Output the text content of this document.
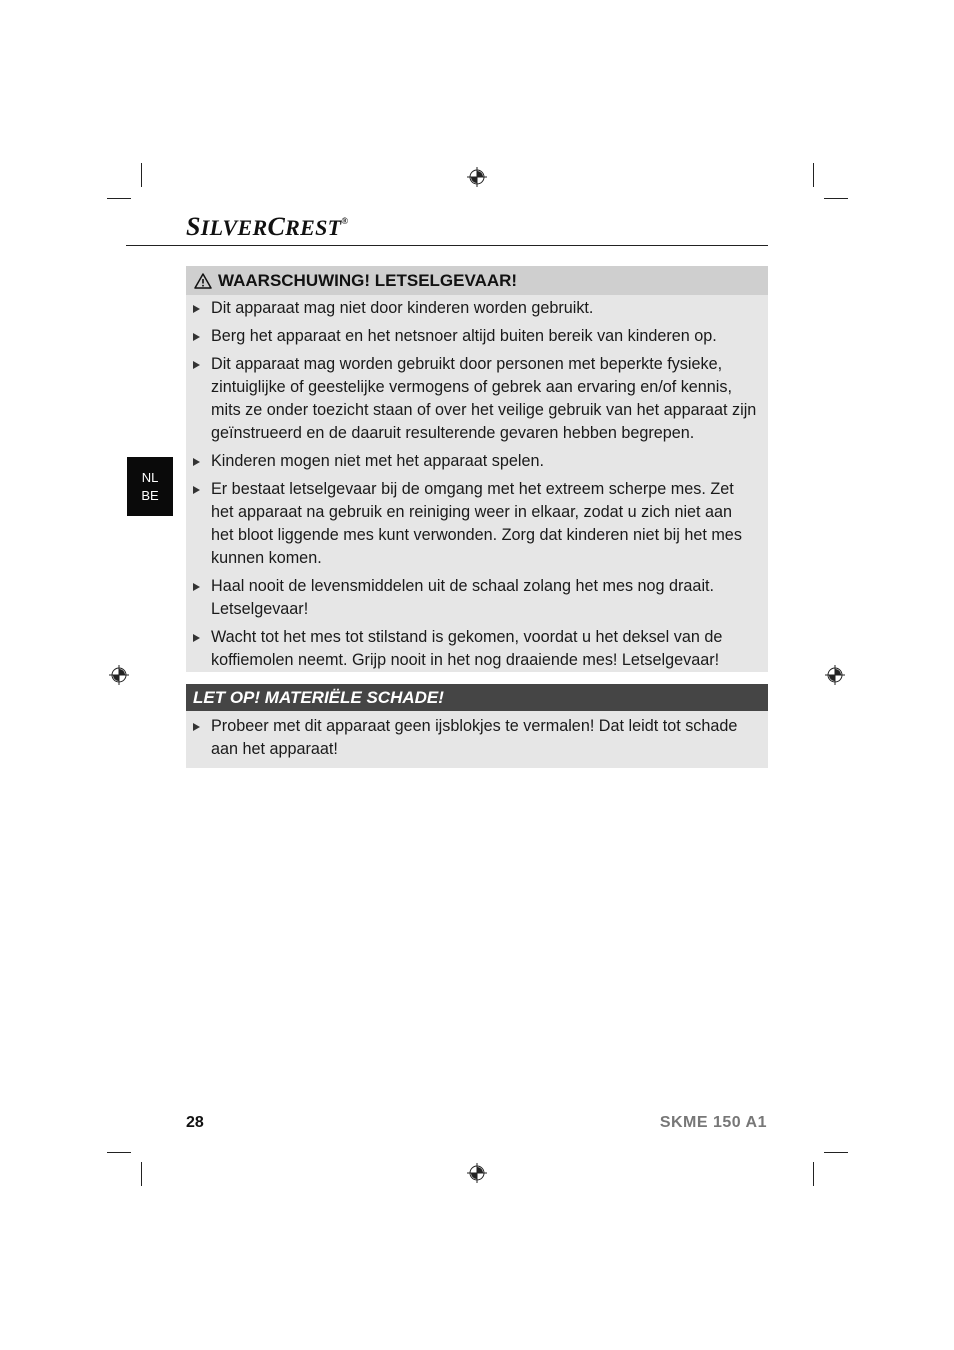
SILVERCREST®
NL
BE
WAARSCHUWING! LETSELGEVAAR!
Dit apparaat mag niet door kinderen worden gebruikt.
Berg het apparaat en het netsnoer altijd buiten bereik van kinderen op.
Dit apparaat mag worden gebruikt door personen met beperkte fysieke, zintuiglijke of geestelijke vermogens of gebrek aan ervaring en/of kennis, mits ze onder toezicht staan of over het veilige gebruik van het apparaat zijn geïnstrueerd en de daaruit resulterende gevaren hebben begrepen.
Kinderen mogen niet met het apparaat spelen.
Er bestaat letselgevaar bij de omgang met het extreem scherpe mes. Zet het apparaat na gebruik en reiniging weer in elkaar, zodat u zich niet aan het bloot liggende mes kunt verwonden. Zorg dat kinderen niet bij het mes kunnen komen.
Haal nooit de levensmiddelen uit de schaal zolang het mes nog draait. Letselgevaar!
Wacht tot het mes tot stilstand is gekomen, voordat u het deksel van de koffiemolen neemt. Grijp nooit in het nog draaiende mes! Letselgevaar!
LET OP! MATERIËLE SCHADE!
Probeer met dit apparaat geen ijsblokjes te vermalen! Dat leidt tot schade aan het apparaat!
28	SKME 150 A1
